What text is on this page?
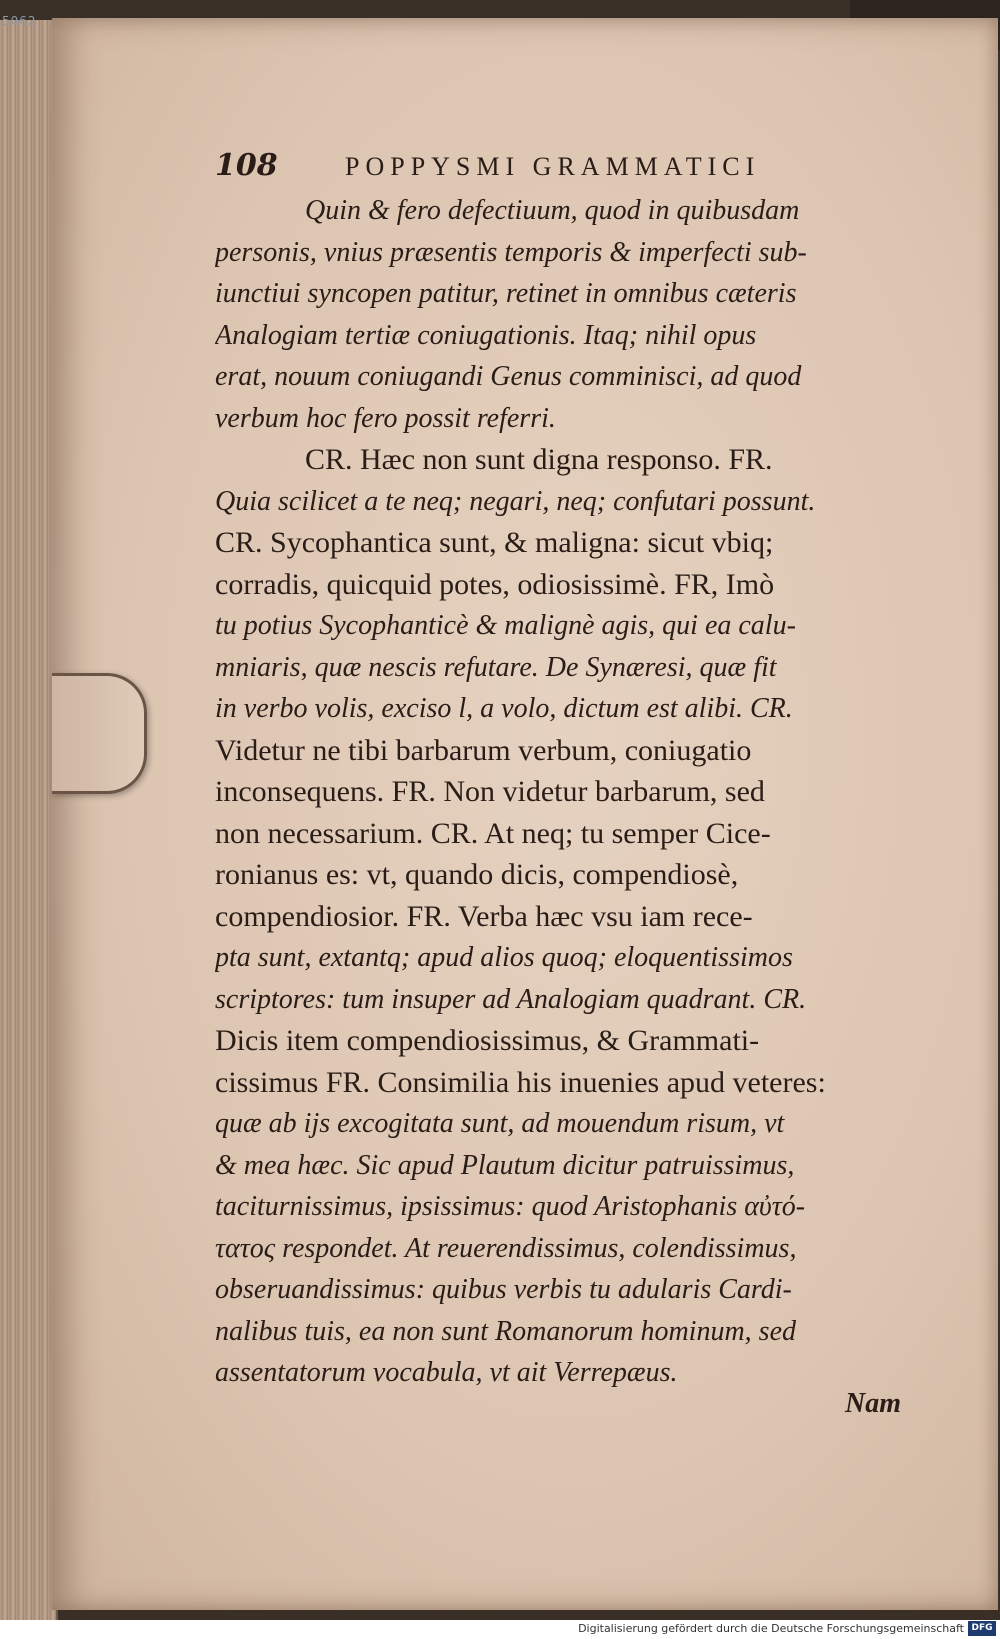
5062
108	POPPYSMI GRAMMATICI
Quin & fero defectiuum, quod in quibusdam
personis, vnius præsentis temporis & imperfecti sub-
iunctiui syncopen patitur, retinet in omnibus cæteris
Analogiam tertiæ coniugationis. Itaq; nihil opus
erat, nouum coniugandi Genus comminisci, ad quod
verbum hoc fero possit referri.
CR. Hæc non sunt digna responso. FR.
Quia scilicet a te neq; negari, neq; confutari possunt.
CR. Sycophantica sunt, & maligna: sicut vbiq;
corradis, quicquid potes, odiosissimè. FR, Imò
tu potius Sycophanticè & malignè agis, qui ea calu-
mniaris, quæ nescis refutare. De Synæresi, quæ fit
in verbo volis, exciso l, a volo, dictum est alibi. CR.
Videtur ne tibi barbarum verbum, coniugatio
inconsequens. FR. Non videtur barbarum, sed
non necessarium. CR. At neq; tu semper Cice-
ronianus es: vt, quando dicis, compendiosè,
compendiosior. FR. Verba hæc vsu iam rece-
pta sunt, extantq; apud alios quoq; eloquentissimos
scriptores: tum insuper ad Analogiam quadrant. CR.
Dicis item compendiosissimus, & Grammati-
cissimus FR. Consimilia his inuenies apud veteres:
quæ ab ijs excogitata sunt, ad mouendum risum, vt
& mea hæc. Sic apud Plautum dicitur patruissimus,
taciturnissimus, ipsissimus: quod Aristophanis αὐτό-
τατος respondet. At reuerendissimus, colendissimus,
obseruandissimus: quibus verbis tu adularis Cardi-
nalibus tuis, ea non sunt Romanorum hominum, sed
assentatorum vocabula, vt ait Verrepæus.
Nam
Digitalisierung gefördert durch die Deutsche Forschungsgemeinschaft DFG
